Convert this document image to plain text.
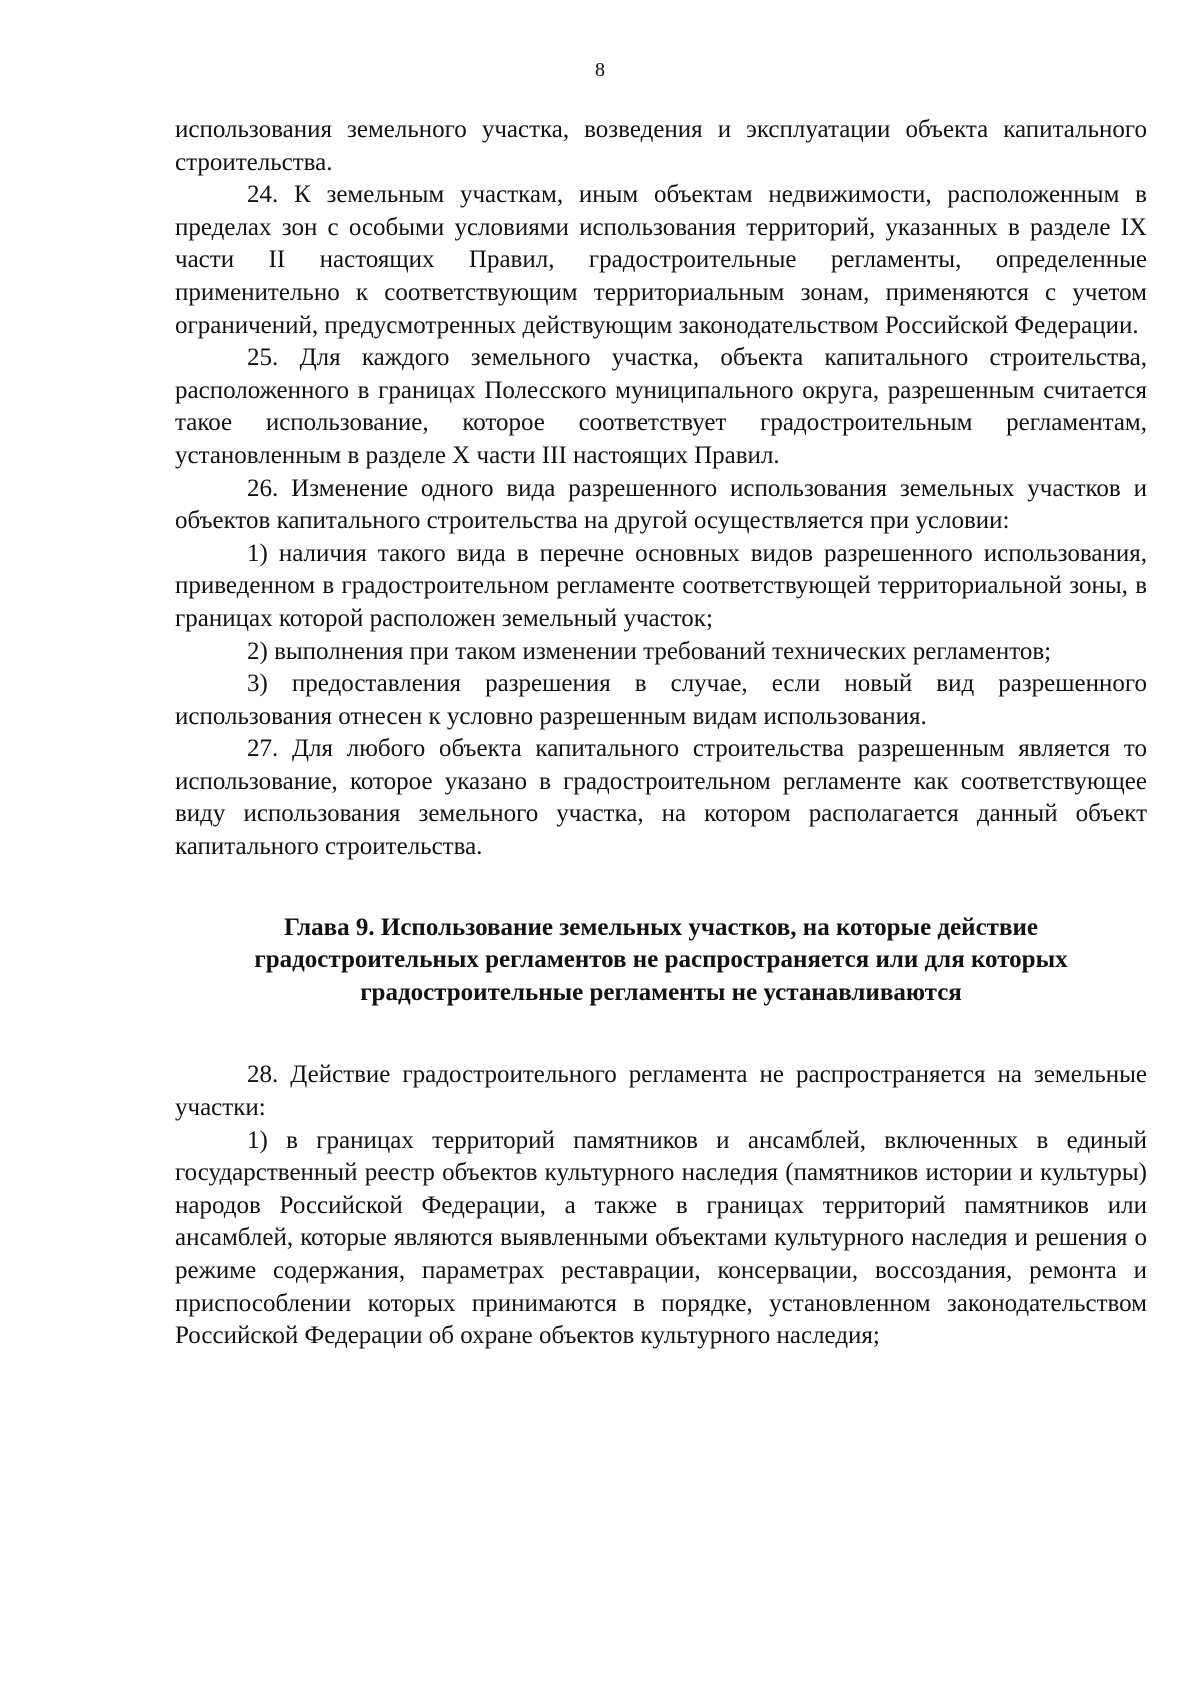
8

использования земельного участка, возведения и эксплуатации объекта капитального строительства.

24. К земельным участкам, иным объектам недвижимости, расположенным в пределах зон с особыми условиями использования территорий, указанных в разделе IX части II настоящих Правил, градостроительные регламенты, определенные применительно к соответствующим территориальным зонам, применяются с учетом ограничений, предусмотренных действующим законодательством Российской Федерации.

25. Для каждого земельного участка, объекта капитального строительства, расположенного в границах Полесского муниципального округа, разрешенным считается такое использование, которое соответствует градостроительным регламентам, установленным в разделе X части III настоящих Правил.

26. Изменение одного вида разрешенного использования земельных участков и объектов капитального строительства на другой осуществляется при условии:

1) наличия такого вида в перечне основных видов разрешенного использования, приведенном в градостроительном регламенте соответствующей территориальной зоны, в границах которой расположен земельный участок;

2) выполнения при таком изменении требований технических регламентов;

3) предоставления разрешения в случае, если новый вид разрешенного использования отнесен к условно разрешенным видам использования.

27. Для любого объекта капитального строительства разрешенным является то использование, которое указано в градостроительном регламенте как соответствующее виду использования земельного участка, на котором располагается данный объект капитального строительства.

Глава 9. Использование земельных участков, на которые действие
градостроительных регламентов не распространяется или для которых
градостроительные регламенты не устанавливаются

28. Действие градостроительного регламента не распространяется на земельные участки:

1) в границах территорий памятников и ансамблей, включенных в единый государственный реестр объектов культурного наследия (памятников истории и культуры) народов Российской Федерации, а также в границах территорий памятников или ансамблей, которые являются выявленными объектами культурного наследия и решения о режиме содержания, параметрах реставрации, консервации, воссоздания, ремонта и приспособлении которых принимаются в порядке, установленном законодательством Российской Федерации об охране объектов культурного наследия;
